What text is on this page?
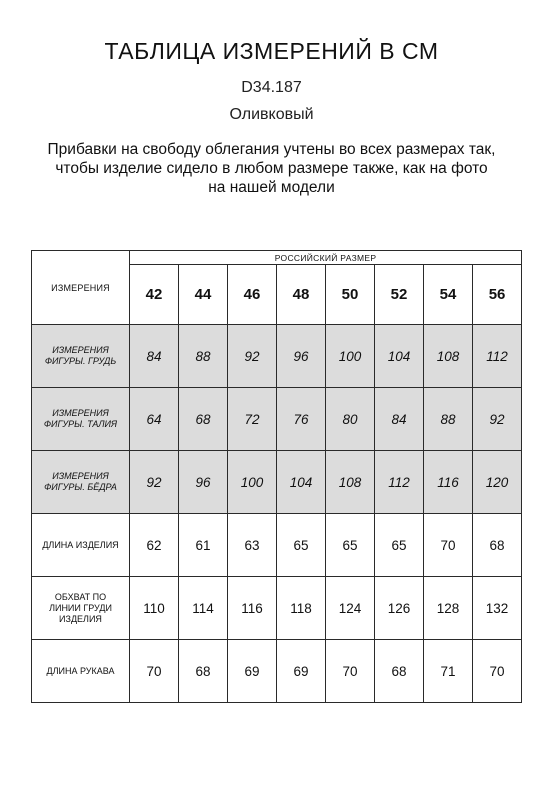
ТАБЛИЦА ИЗМЕРЕНИЙ В СМ
D34.187
Оливковый
Прибавки на свободу облегания учтены во всех размерах так,
чтобы изделие сидело в любом размере также, как на фото
на нашей модели
ИЗМЕРЕНИЯ	РОССИЙСКИЙ РАЗМЕР							
	42	44	46	48	50	52	54	56
ИЗМЕРЕНИЯ
ФИГУРЫ. ГРУДЬ	84	88	92	96	100	104	108	112
ИЗМЕРЕНИЯ
ФИГУРЫ. ТАЛИЯ	64	68	72	76	80	84	88	92
ИЗМЕРЕНИЯ
ФИГУРЫ. БЁДРА	92	96	100	104	108	112	116	120
ДЛИНА ИЗДЕЛИЯ	62	61	63	65	65	65	70	68
ОБХВАТ ПО
ЛИНИИ ГРУДИ
ИЗДЕЛИЯ	110	114	116	118	124	126	128	132
ДЛИНА РУКАВА	70	68	69	69	70	68	71	70
